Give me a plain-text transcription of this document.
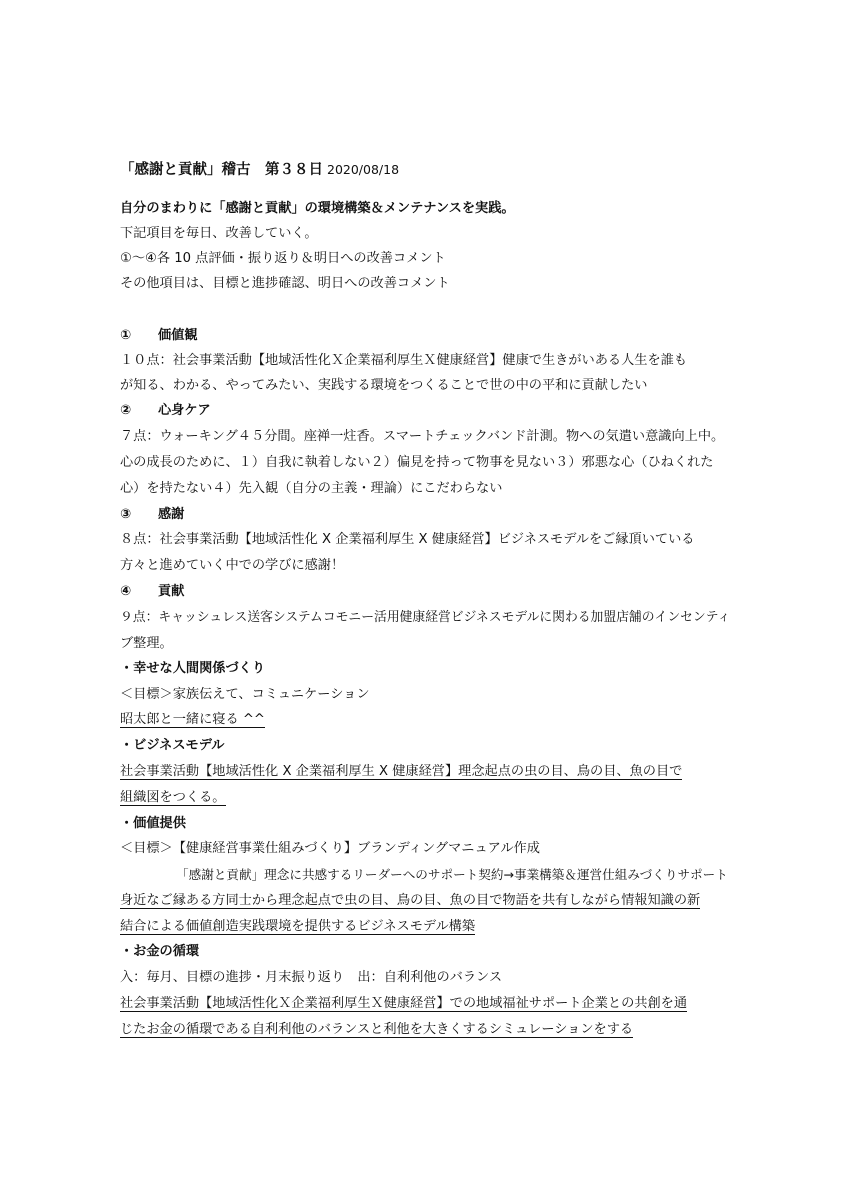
「感謝と貢献」稽古　第３８日 2020/08/18
自分のまわりに「感謝と貢献」の環境構築＆メンテナンスを実践。
下記項目を毎日、改善していく。
①～④各 10 点評価・振り返り＆明日への改善コメント
その他項目は、目標と進捗確認、明日への改善コメント
① 価値観
１０点：社会事業活動【地域活性化Ｘ企業福利厚生Ｘ健康経営】健康で生きがいある人生を誰も
が知る、わかる、やってみたい、実践する環境をつくることで世の中の平和に貢献したい
② 心身ケア
７点：ウォーキング４５分間。座禅一炷香。スマートチェックバンド計測。物への気遣い意識向上中。
心の成長のために、１）自我に執着しない２）偏見を持って物事を見ない３）邪悪な心（ひねくれた
心）を持たない４）先入観（自分の主義・理論）にこだわらない
③ 感謝
８点：社会事業活動【地域活性化 X 企業福利厚生 X 健康経営】ビジネスモデルをご縁頂いている
方々と進めていく中での学びに感謝！
④ 貢献
９点：キャッシュレス送客システムコモニー活用健康経営ビジネスモデルに関わる加盟店舗のインセンティ
ブ整理。
・幸せな人間関係づくり
＜目標＞家族伝えて、コミュニケーション
昭太郎と一緒に寝る ^^
・ビジネスモデル
社会事業活動【地域活性化 X 企業福利厚生 X 健康経営】理念起点の虫の目、鳥の目、魚の目で
組織図をつくる。
・価値提供
＜目標＞【健康経営事業仕組みづくり】ブランディングマニュアル作成
「感謝と貢献」理念に共感するリーダーへのサポート契約→事業構築＆運営仕組みづくりサポート
身近なご縁ある方同士から理念起点で虫の目、鳥の目、魚の目で物語を共有しながら情報知識の新
結合による価値創造実践環境を提供するビジネスモデル構築
・お金の循環
入：毎月、目標の進捗・月末振り返り　出：自利利他のバランス
社会事業活動【地域活性化Ｘ企業福利厚生Ｘ健康経営】での地域福祉サポート企業との共創を通
じたお金の循環である自利利他のバランスと利他を大きくするシミュレーションをする
